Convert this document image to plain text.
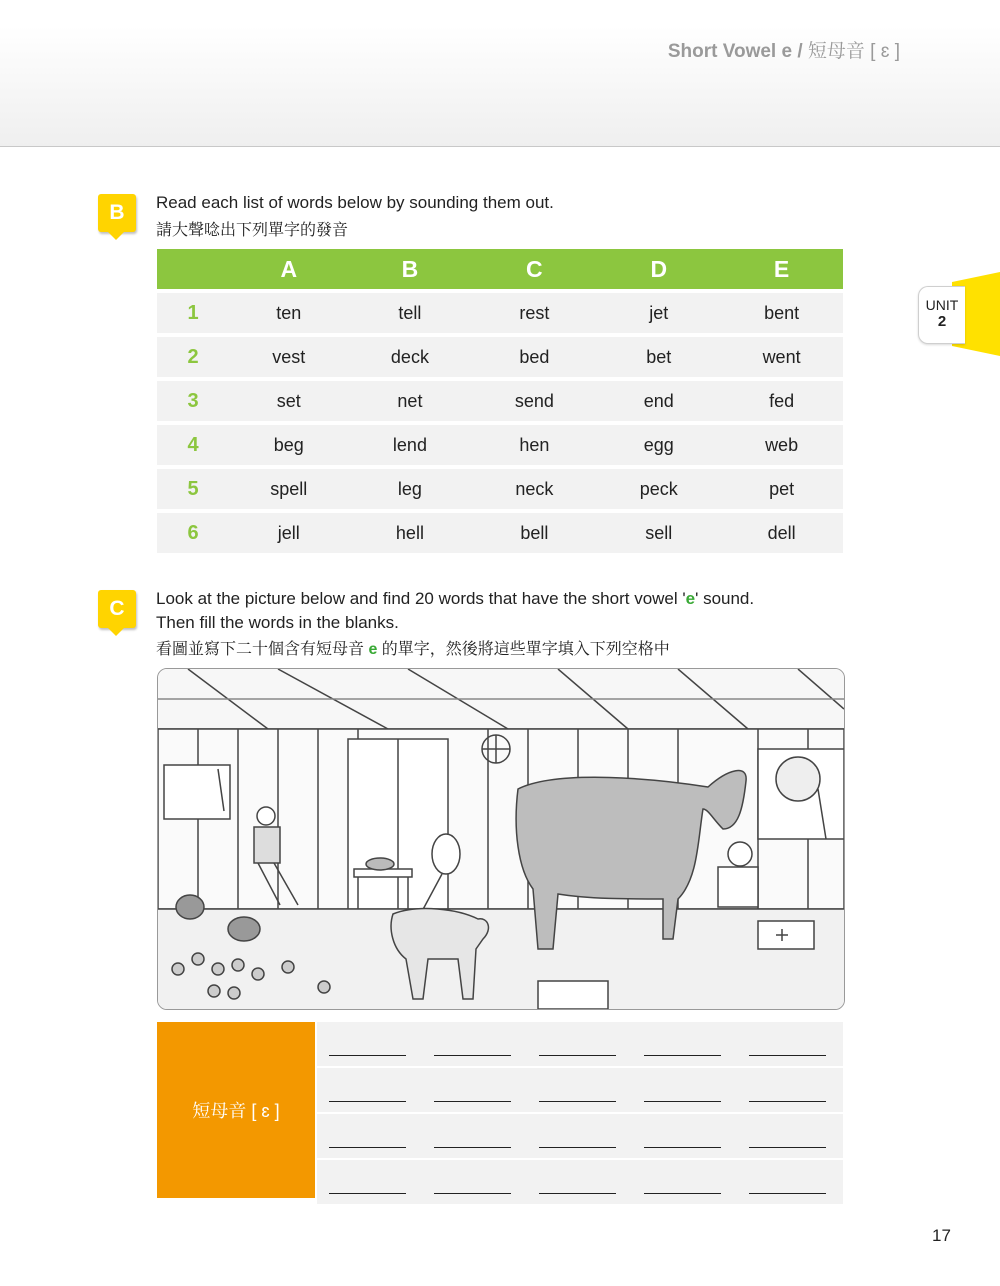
Short Vowel e / 短母音 [ ɛ ]
UNIT
2
B	Read each list of words below by sounding them out.
請大聲唸出下列單字的發音
	A	B	C	D	E
1	ten	tell	rest	jet	bent
2	vest	deck	bed	bet	went
3	set	net	send	end	fed
4	beg	lend	hen	egg	web
5	spell	leg	neck	peck	pet
6	jell	hell	bell	sell	dell
C	Look at the picture below and find 20 words that have the short vowel 'e' sound.
Then fill the words in the blanks.
看圖並寫下二十個含有短母音 e 的單字，然後將這些單字填入下列空格中
短母音 [ ɛ ]
17
